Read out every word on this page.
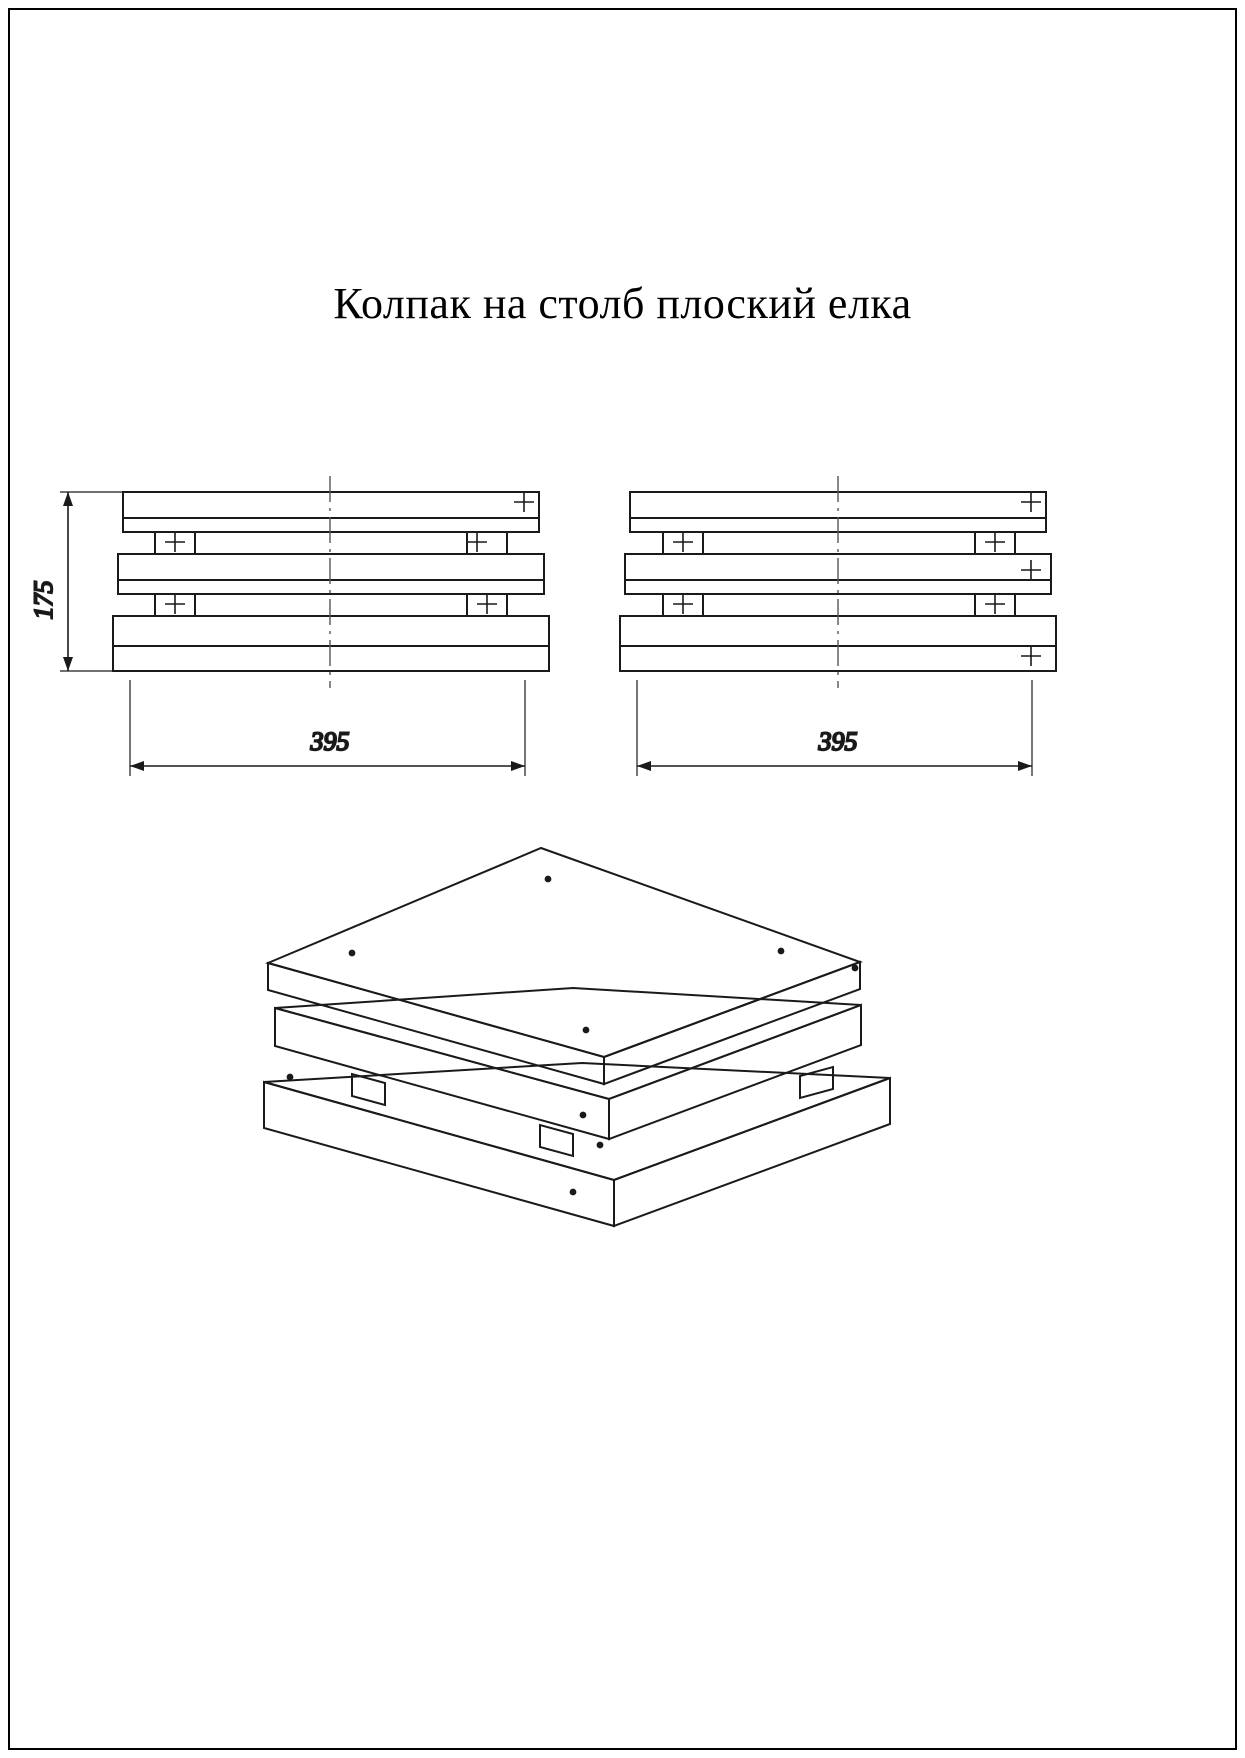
Колпак на столб плоский елка
175
395	395
